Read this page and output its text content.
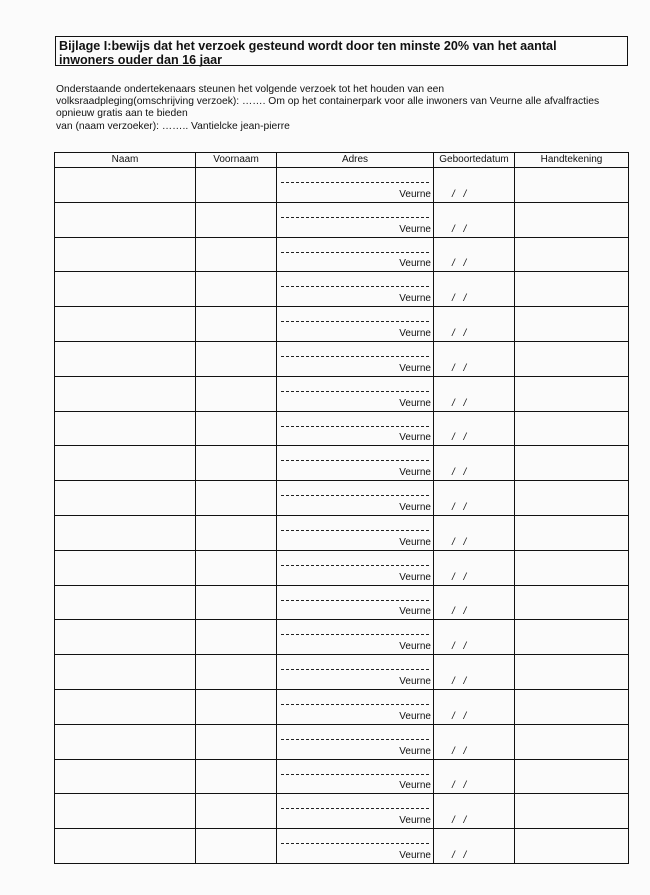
Bijlage I:bewijs dat het verzoek gesteund wordt door ten minste 20% van het aantal
inwoners ouder dan 16 jaar
Onderstaande ondertekenaars steunen het volgende verzoek tot het houden van een
volksraadpleging(omschrijving verzoek): ……. Om op het containerpark voor alle inwoners van Veurne alle afvalfracties
opnieuw gratis aan te bieden
van (naam verzoeker): …….. Vantielcke jean-pierre
Naam	Voornaam	Adres	Geboortedatum	Handtekening

		Veurne	/ /	

		Veurne	/ /	

		Veurne	/ /	

		Veurne	/ /	

		Veurne	/ /	

		Veurne	/ /	

		Veurne	/ /	

		Veurne	/ /	

		Veurne	/ /	

		Veurne	/ /	

		Veurne	/ /	

		Veurne	/ /	

		Veurne	/ /	

		Veurne	/ /	

		Veurne	/ /	

		Veurne	/ /	

		Veurne	/ /	

		Veurne	/ /	

		Veurne	/ /	

		Veurne	/ /	
